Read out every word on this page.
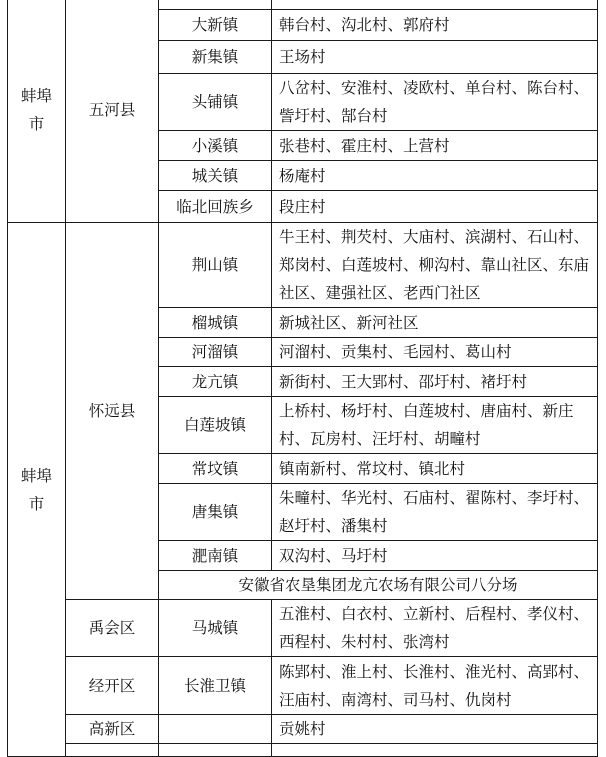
蚌埠市	五河县		
		大新镇	韩台村、沟北村、郭府村
		新集镇	王场村
		头铺镇	八岔村、安淮村、凌欧村、单台村、陈台村、訾圩村、郜台村
		小溪镇	张巷村、霍庄村、上营村
		城关镇	杨庵村
		临北回族乡	段庄村
蚌埠市	怀远县	荆山镇	牛王村、荆芡村、大庙村、滨湖村、石山村、郑岗村、白莲坡村、柳沟村、靠山社区、东庙社区、建强社区、老西门社区
		榴城镇	新城社区、新河社区
		河溜镇	河溜村、贡集村、毛园村、葛山村
		龙亢镇	新街村、王大郢村、邵圩村、褚圩村
		白莲坡镇	上桥村、杨圩村、白莲坡村、唐庙村、新庄村、瓦房村、汪圩村、胡疃村
		常坟镇	镇南新村、常坟村、镇北村
		唐集镇	朱疃村、华光村、石庙村、翟陈村、李圩村、赵圩村、潘集村
		淝南镇	双沟村、马圩村
		安徽省农垦集团龙亢农场有限公司八分场	
	禹会区	马城镇	五淮村、白衣村、立新村、后程村、孝仪村、西程村、朱村村、张湾村
	经开区	长淮卫镇	陈郢村、淮上村、长淮村、淮光村、高郢村、汪庙村、南湾村、司马村、仇岗村
	高新区		贡姚村
